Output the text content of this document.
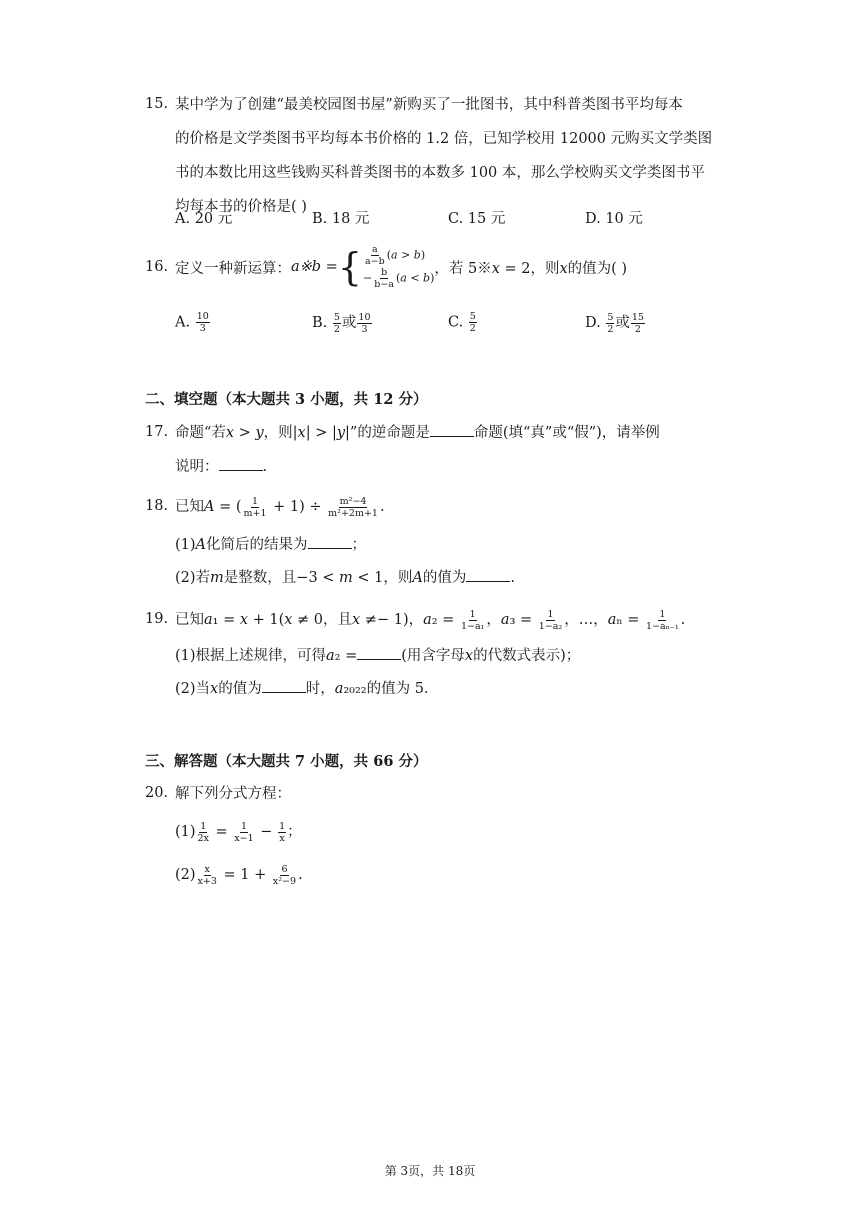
15. 某中学为了创建“最美校园图书屋”新购买了一批图书，其中科普类图书平均每本
的价格是文学类图书平均每本书价格的 1.2 倍，已知学校用 12000 元购买文学类图
书的本数比用这些钱购买科普类图书的本数多 100 本，那么学校购买文学类图书平
均每本书的价格是( )
A. 20 元	B. 18 元	C. 15 元	D. 10 元
16. 定义一种新运算： 𝑎※𝑏 = { $\frac{a}{a-b}$ (𝑎 > 𝑏)
− $\frac{b}{b-a}$ (𝑎 < 𝑏)
，若 5※𝑥 = 2，则𝑥的值为( )
A. $\frac{10}{3}$	B. $\frac{5}{2}$ 或 $\frac{10}{3}$	C. $\frac{5}{2}$	D. $\frac{5}{2}$ 或 $\frac{15}{2}$
二、填空题（本大题共 3 小题，共 12 分）
17. 命题“若𝑥 > 𝑦，则|𝑥| > |𝑦|”的逆命题是	命题(填“真”或“假”)，请举例
说明：	.
18. 已知𝐴 = ( $\frac{1}{m+1} + 1) \div \frac{\text{m²−4}}{\text{m²+2m+1}}$ .
(1)𝐴化简后的结果为	；
(2)若𝑚是整数，且−3 < 𝑚 < 1，则𝐴的值为	.
19. 已知𝑎₁ = 𝑥 + 1(𝑥 ≠ 0，且𝑥 ≠− 1)，𝑎₂ = $\frac{1}{\text{1−a₁}}$ ，𝑎₃ = $\frac{1}{\text{1−a₂}}$ ，…，𝑎ₙ = $\frac{1}{\text{1−aₙ₋₁}}$ .
(1)根据上述规律，可得𝑎₂ =	(用含字母𝑥的代数式表示)；
(2)当𝑥的值为	时，𝑎₂₀₂₂的值为 5．
三、解答题（本大题共 7 小题，共 66 分）
20. 解下列分式方程：
$(1) \frac{1}{2x} = \frac{1}{x-1} - \frac{1}{x}$ ；
$(2) \frac{x}{x+3} = 1 + \frac{6}{\text{x²−9}}$ .
第 3页，共 18页
